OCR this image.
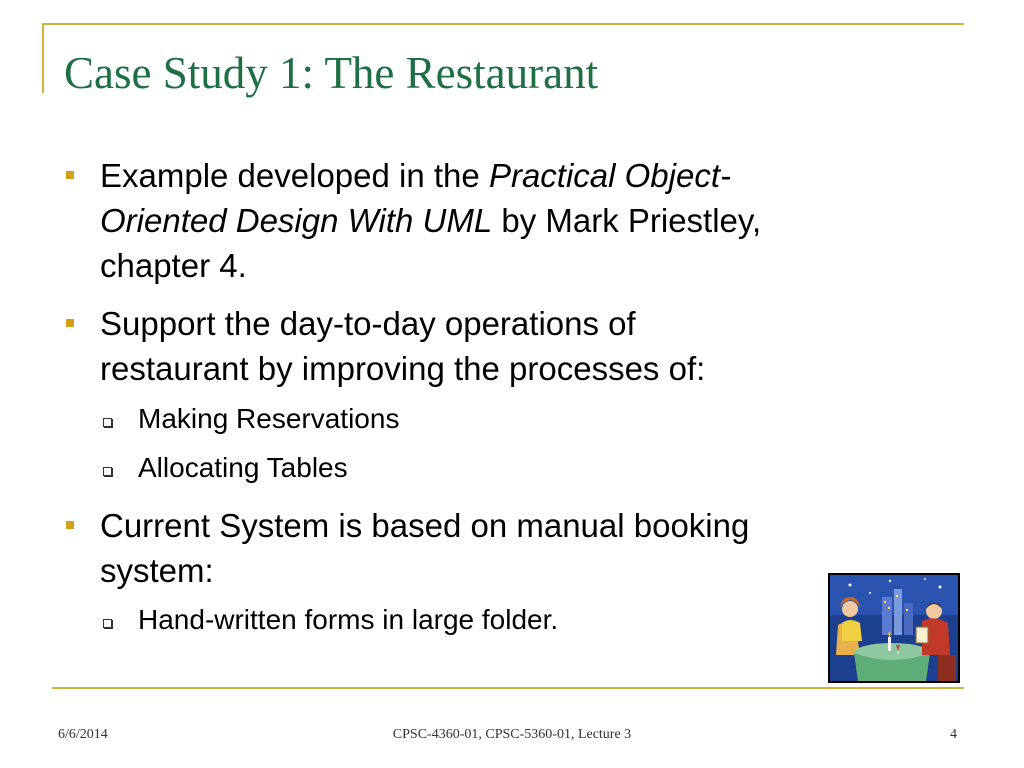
Case Study 1: The Restaurant
Example developed in the Practical Object-
Oriented Design With UML by Mark Priestley,
chapter 4.
Support the day-to-day operations of
restaurant by improving the processes of:
Making Reservations
Allocating Tables
Current System is based on manual booking
system:
Hand-written forms in large folder.
6/6/2014	CPSC-4360-01, CPSC-5360-01, Lecture 3	4
